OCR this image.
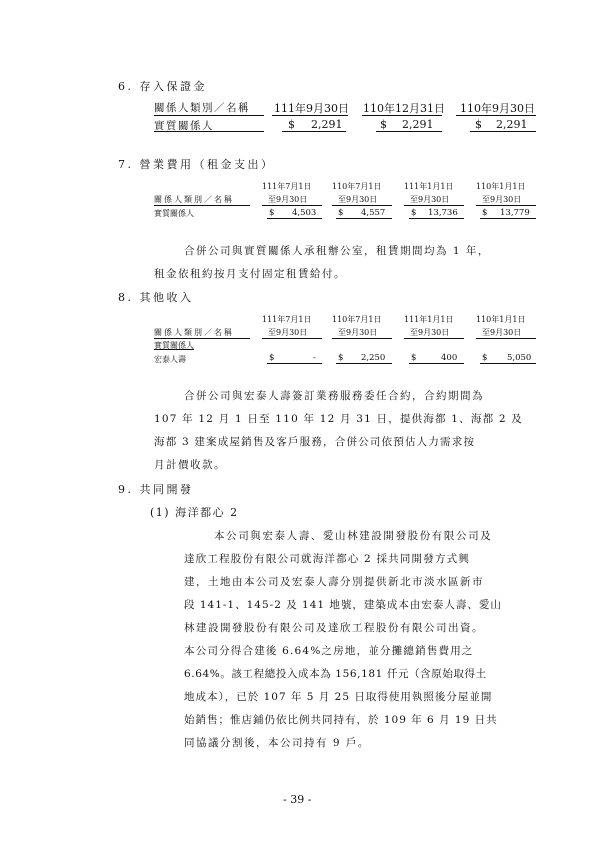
6. 存入保證金
關係人類別／名稱 111年9月30日 110年12月31日 110年9月30日
實質關係人	$ 2,291	$ 2,291	$ 2,291
7. 營業費用（租金支出）
111年7月1日	110年7月1日	111年1月1日	110年1月1日
關係人類別／名稱	至9月30日	至9月30日	至9月30日	至9月30日
實質關係人	$ 4,503	$ 4,557	$ 13,736	$ 13,779
合併公司與實質關係人承租辦公室，租賃期間均為 1 年，
租金依租約按月支付固定租賃給付。
8. 其他收入
111年7月1日	110年7月1日	111年1月1日	110年1月1日
關係人類別／名稱	至9月30日	至9月30日	至9月30日	至9月30日
實質關係人
宏泰人壽	$	-	$ 2,250	$	400	$ 5,050
合併公司與宏泰人壽簽訂業務服務委任合約，合約期間為
107 年 12 月 1 日至 110 年 12 月 31 日，提供海都 1、海都 2 及
海都 3 建案成屋銷售及客戶服務，合併公司依預估人力需求按
月計價收款。
9. 共同開發
(1) 海洋都心 2
本公司與宏泰人壽、愛山林建設開發股份有限公司及
達欣工程股份有限公司就海洋都心 2 採共同開發方式興
建，土地由本公司及宏泰人壽分別提供新北市淡水區新市
段 141-1、145-2 及 141 地號，建築成本由宏泰人壽、愛山
林建設開發股份有限公司及達欣工程股份有限公司出資。
本公司分得合建後 6.64%之房地，並分攤總銷售費用之
6.64%。該工程總投入成本為 156,181 仟元（含原始取得土
地成本），已於 107 年 5 月 25 日取得使用執照後分屋並開
始銷售；惟店鋪仍依比例共同持有，於 109 年 6 月 19 日共
同協議分割後，本公司持有 9 戶。
- 39 -
